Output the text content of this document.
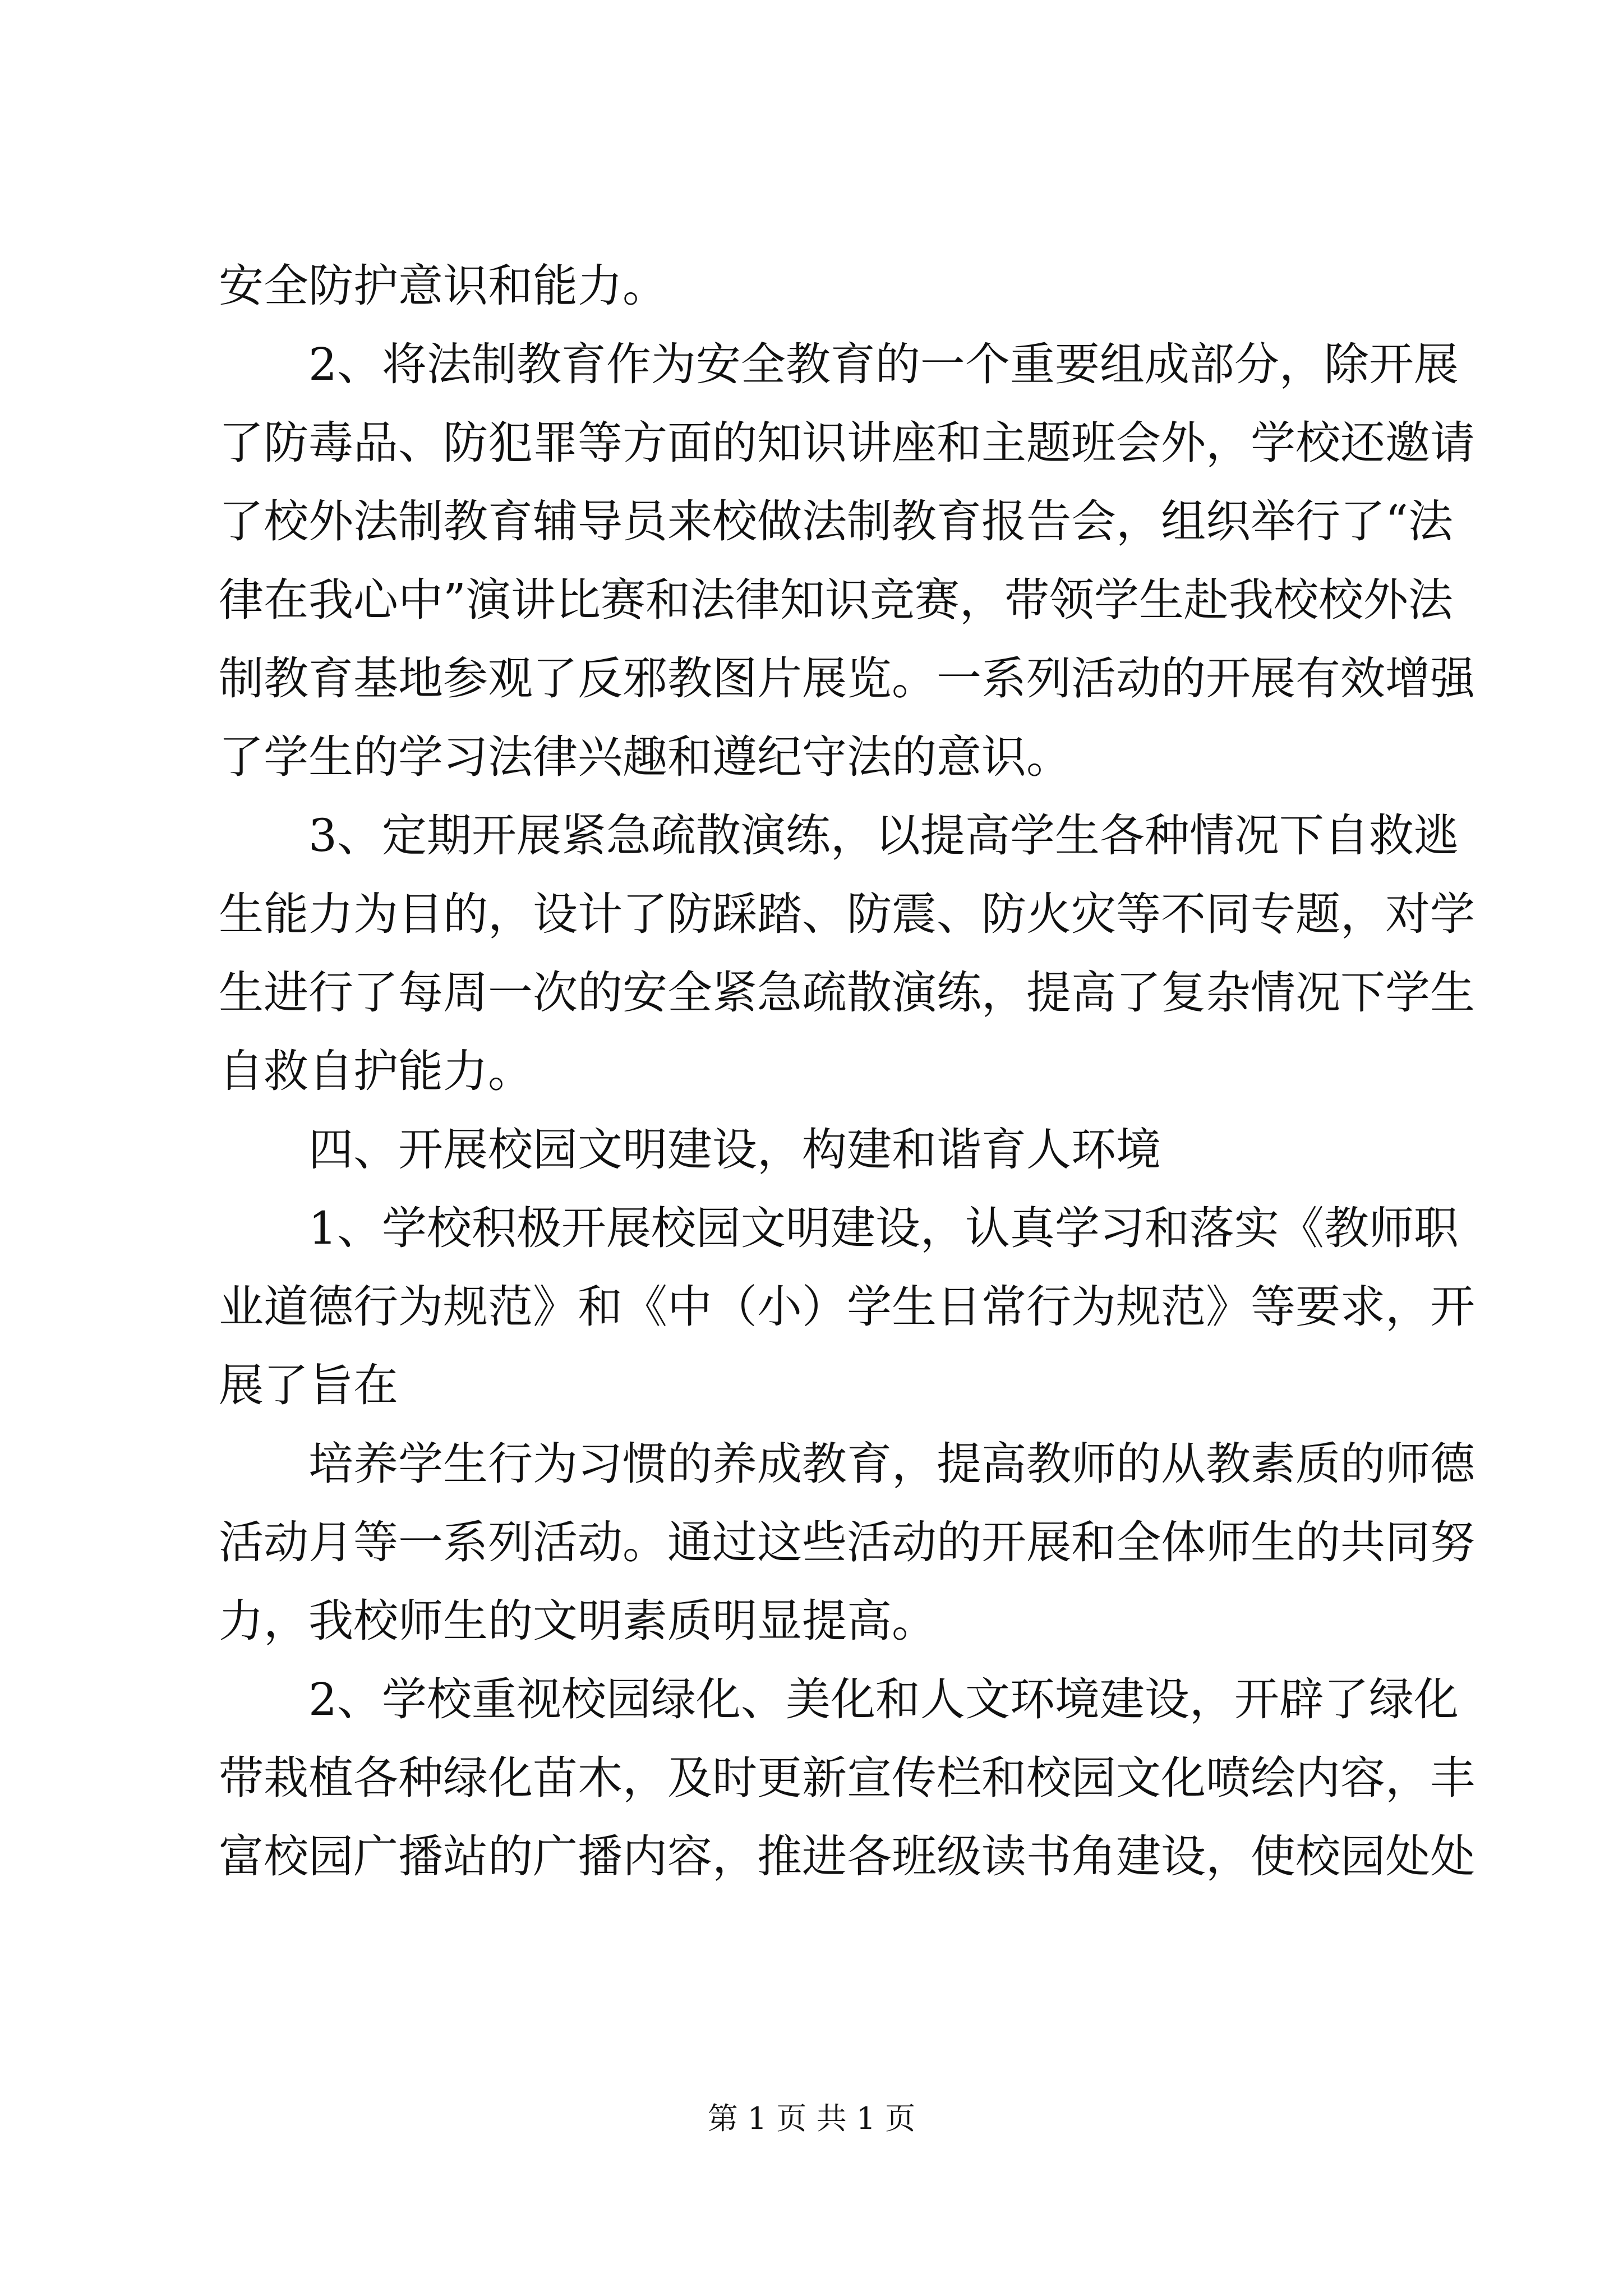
安全防护意识和能力。
2、将法制教育作为安全教育的一个重要组成部分，除开展
了防毒品、防犯罪等方面的知识讲座和主题班会外，学校还邀请
了校外法制教育辅导员来校做法制教育报告会，组织举行了“法
律在我心中”演讲比赛和法律知识竞赛，带领学生赴我校校外法
制教育基地参观了反邪教图片展览。一系列活动的开展有效增强
了学生的学习法律兴趣和遵纪守法的意识。
3、定期开展紧急疏散演练，以提高学生各种情况下自救逃
生能力为目的，设计了防踩踏、防震、防火灾等不同专题，对学
生进行了每周一次的安全紧急疏散演练，提高了复杂情况下学生
自救自护能力。
四、开展校园文明建设，构建和谐育人环境
1、学校积极开展校园文明建设，认真学习和落实《教师职
业道德行为规范》和《中（小）学生日常行为规范》等要求，开
展了旨在
培养学生行为习惯的养成教育，提高教师的从教素质的师德
活动月等一系列活动。通过这些活动的开展和全体师生的共同努
力，我校师生的文明素质明显提高。
2、学校重视校园绿化、美化和人文环境建设，开辟了绿化
带栽植各种绿化苗木，及时更新宣传栏和校园文化喷绘内容，丰
富校园广播站的广播内容，推进各班级读书角建设，使校园处处
第 1 页 共 1 页
